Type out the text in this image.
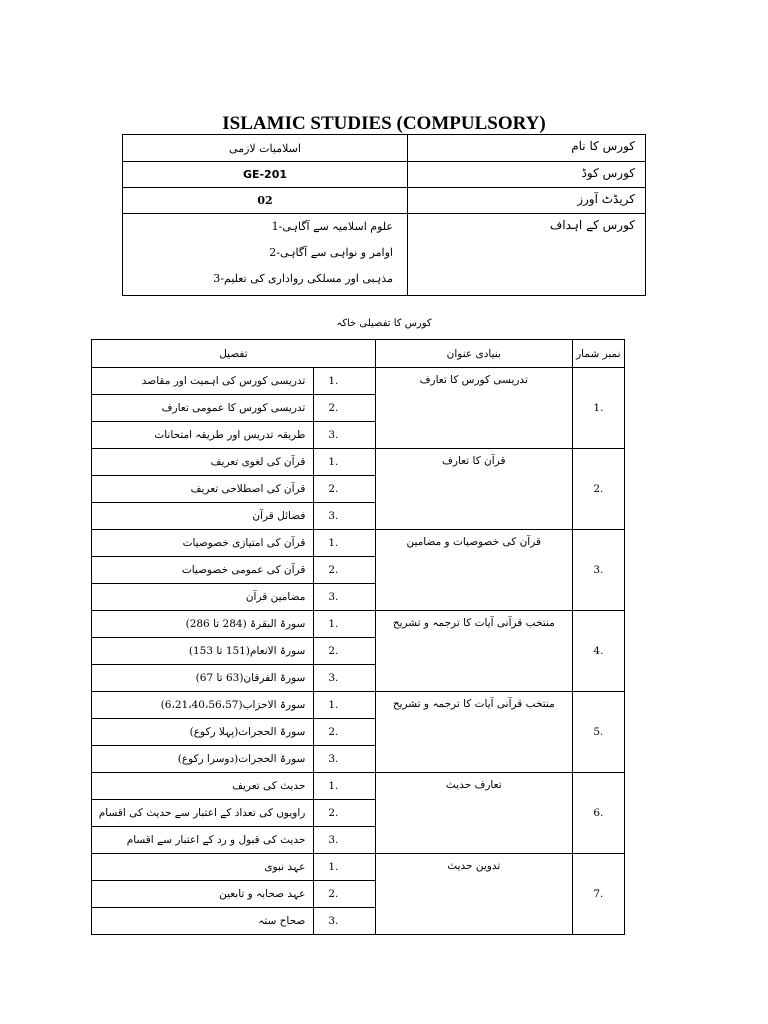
ISLAMIC STUDIES (COMPULSORY)
اسلامیات لازمی	کورس کا نام
GE-201	کورس کوڈ
02	کریڈٹ آورز

1-علوم اسلامیہ سے آگاہی
2-اوامر و نواہی سے آگاہی
3-مذہبی اور مسلکی رواداری کی تعلیم	کورس کے اہداف
کورس کا تفصیلی خاکہ
تفصیل		بنیادی عنوان	نمبر شمار
تدریسی کورس کی اہمیت اور مقاصد	1.	تدریسی کورس کا تعارف	1.
تدریسی کورس کا عمومی تعارف	2.		
طریقہ تدریس اور طریقہ امتحانات	3.		
قرآن کی لغوی تعریف	1.	قرآن کا تعارف	2.
قرآن کی اصطلاحی تعریف	2.		
فضائل قرآن	3.		
قرآن کی امتیازی خصوصیات	1.	قرآن کی خصوصیات و مضامین	3.
قرآن کی عمومی خصوصیات	2.		
مضامین قرآن	3.		
سورۃ البقرۃ (284 تا 286)	1.	منتخب قرآنی آیات کا ترجمہ و تشریح	4.
سورۃ الانعام(151 تا 153)	2.		
سورۃ الفرقان(63 تا 67)	3.		
سورۃ الاحزاب(6،21،40،56،57)	1.	منتخب قرآنی آیات کا ترجمہ و تشریح	5.
سورۃ الحجرات(پہلا رکوع)	2.		
سورۃ الحجرات(دوسرا رکوع)	3.		
حدیث کی تعریف	1.	تعارف حدیث	6.
راویوں کی تعداد کے اعتبار سے حدیث کی اقسام	2.		
حدیث کی قبول و رد کے اعتبار سے اقسام	3.		
عہد نبوی	1.	تدوین حدیث	7.
عہد صحابہ و تابعین	2.		
صحاح ستہ	3.		
